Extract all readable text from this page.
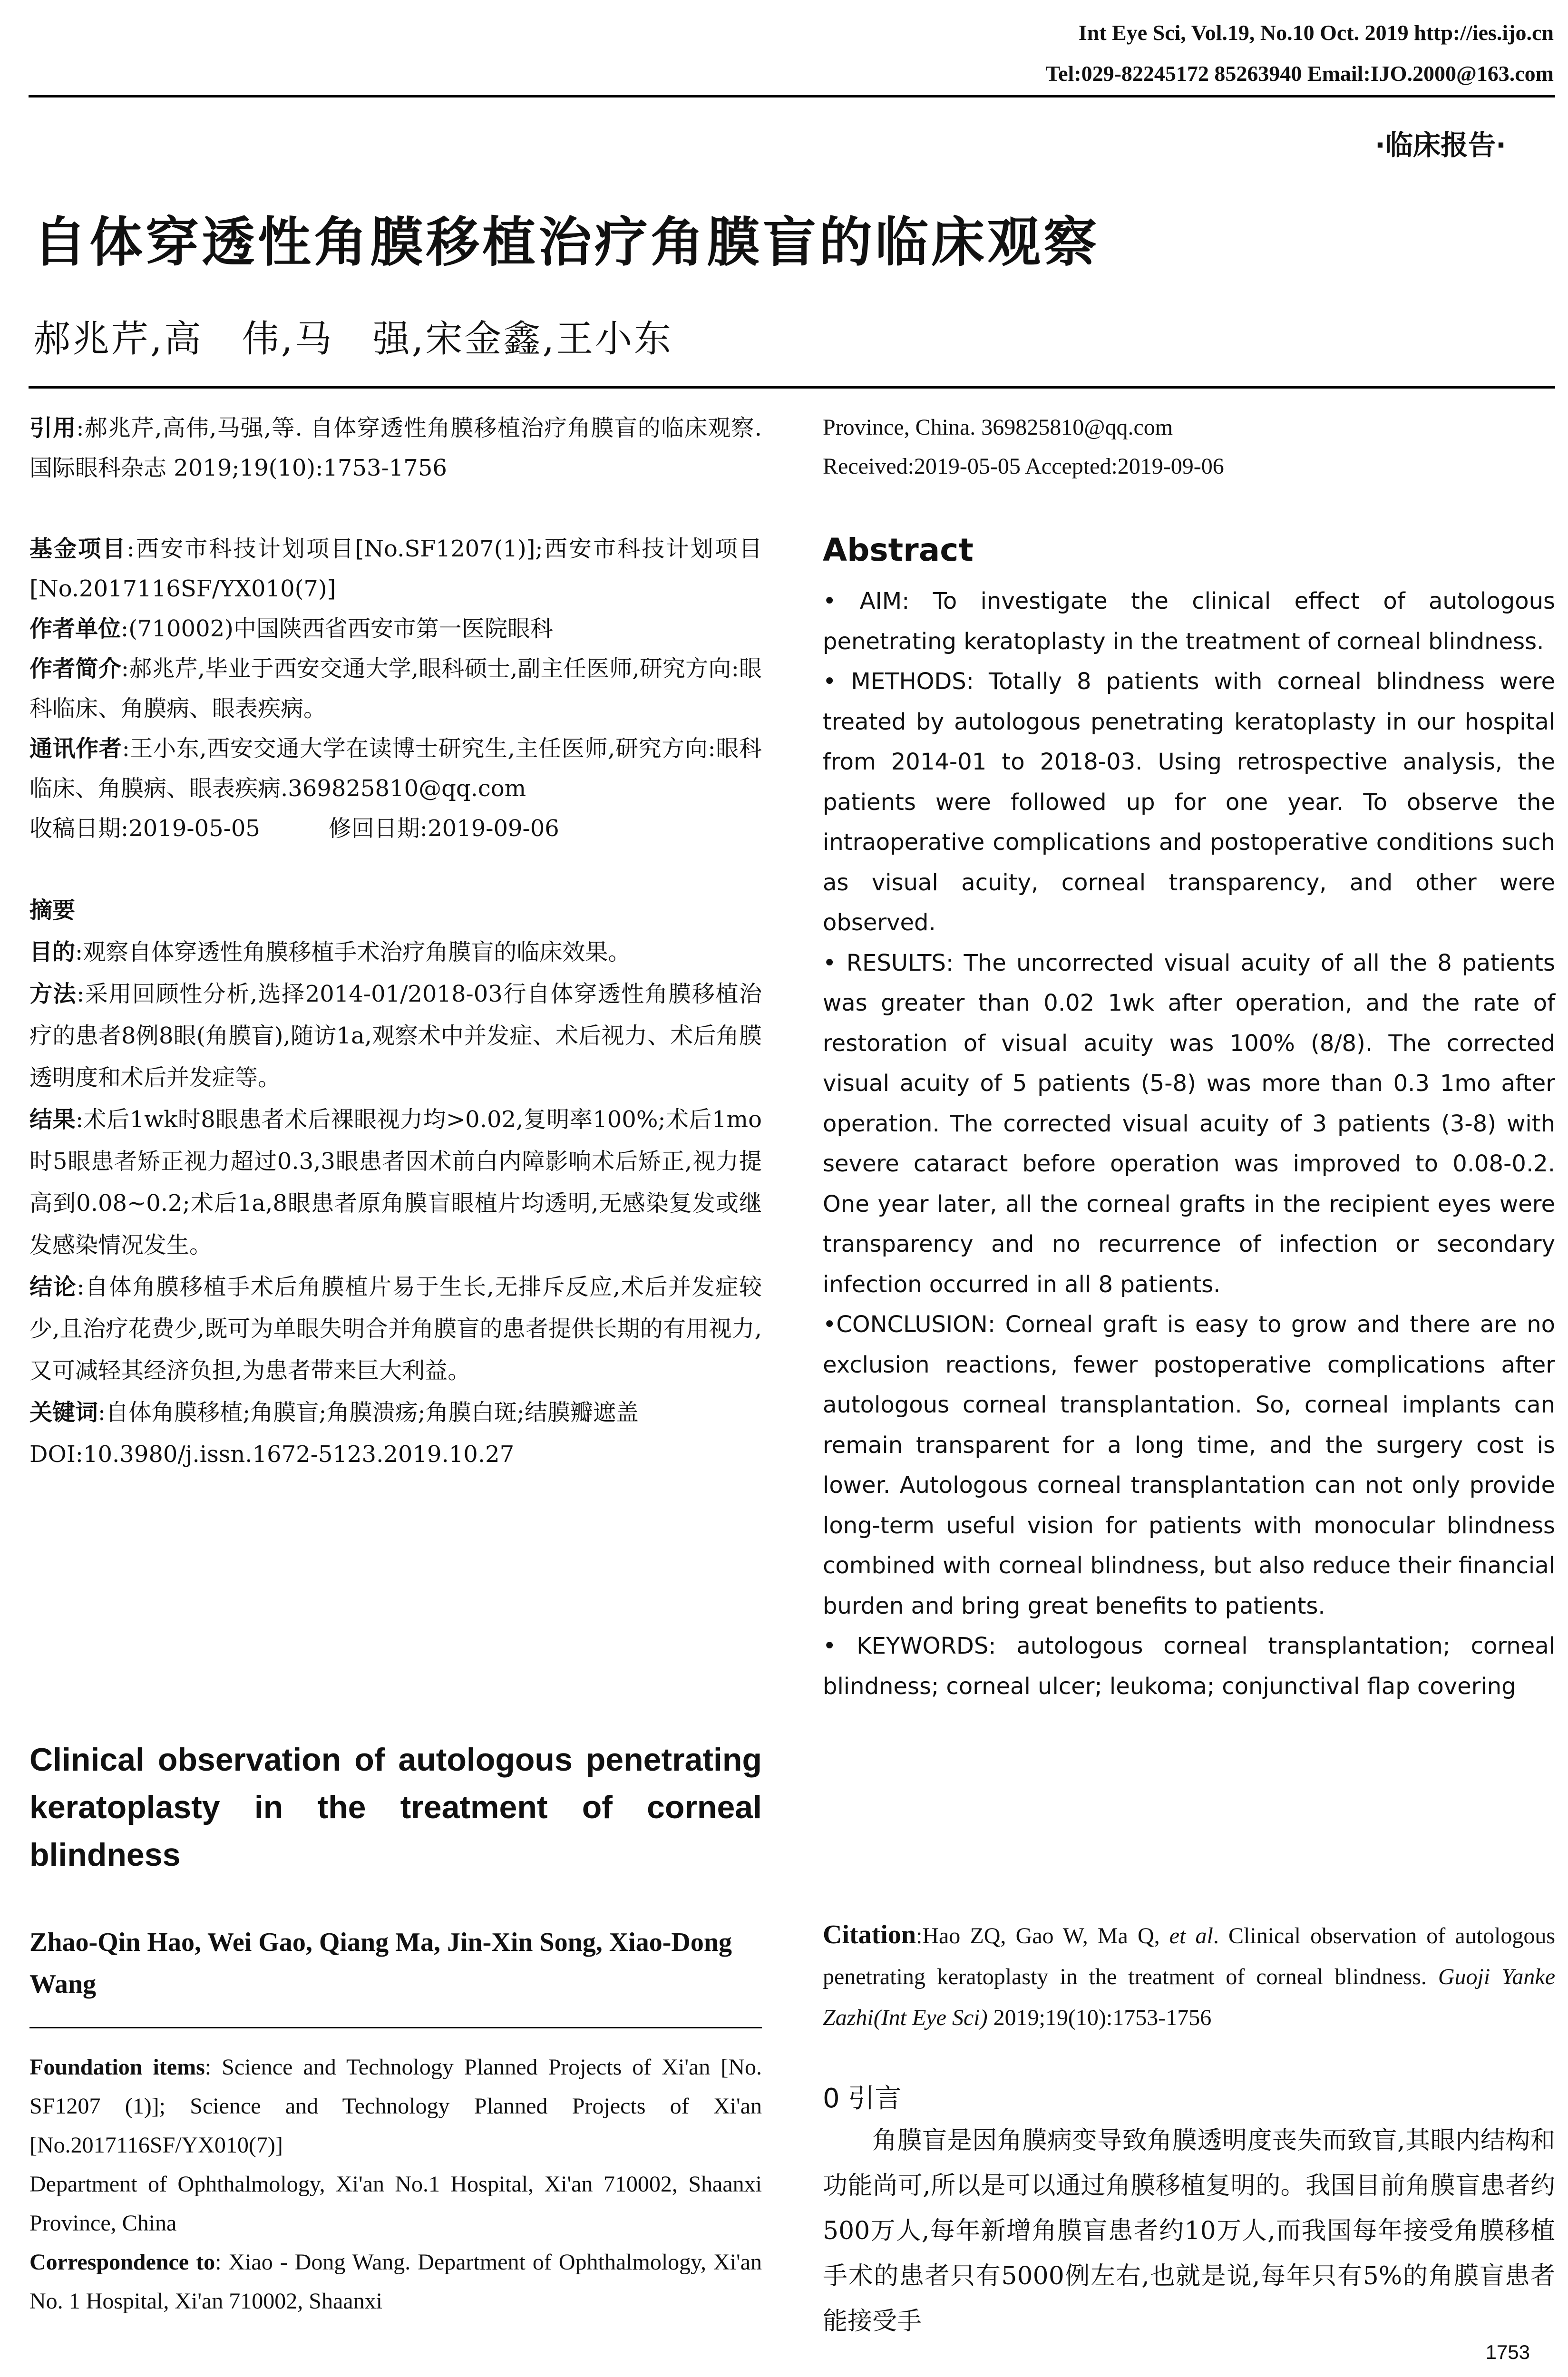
Int Eye Sci, Vol.19, No.10 Oct. 2019 http://ies.ijo.cn
Tel:029-82245172 85263940 Email:IJO.2000@163.com
·临床报告·
自体穿透性角膜移植治疗角膜盲的临床观察
郝兆芹,高　伟,马　强,宋金鑫,王小东

引用:郝兆芹,高伟,马强,等. 自体穿透性角膜移植治疗角膜盲的临床观察. 国际眼科杂志 2019;19(10):1753-1756

基金项目:西安市科技计划项目[No.SF1207(1)];西安市科技计划项目[No.2017116SF/YX010(7)]

作者单位:(710002)中国陕西省西安市第一医院眼科

作者简介:郝兆芹,毕业于西安交通大学,眼科硕士,副主任医师,研究方向:眼科临床、角膜病、眼表疾病。

通讯作者:王小东,西安交通大学在读博士研究生,主任医师,研究方向:眼科临床、角膜病、眼表疾病.369825810@qq.com

收稿日期:2019-05-05　　　修回日期:2019-09-06

摘要

目的:观察自体穿透性角膜移植手术治疗角膜盲的临床效果。

方法:采用回顾性分析,选择2014-01/2018-03行自体穿透性角膜移植治疗的患者8例8眼(角膜盲),随访1a,观察术中并发症、术后视力、术后角膜透明度和术后并发症等。

结果:术后1wk时8眼患者术后裸眼视力均>0.02,复明率100%;术后1mo时5眼患者矫正视力超过0.3,3眼患者因术前白内障影响术后矫正,视力提高到0.08~0.2;术后1a,8眼患者原角膜盲眼植片均透明,无感染复发或继发感染情况发生。

结论:自体角膜移植手术后角膜植片易于生长,无排斥反应,术后并发症较少,且治疗花费少,既可为单眼失明合并角膜盲的患者提供长期的有用视力,又可减轻其经济负担,为患者带来巨大利益。

关键词:自体角膜移植;角膜盲;角膜溃疡;角膜白斑;结膜瓣遮盖

DOI:10.3980/j.issn.1672-5123.2019.10.27

Clinical observation of autologous penetrating keratoplasty in the treatment of corneal blindness
Zhao-Qin Hao, Wei Gao, Qiang Ma, Jin-Xin Song, Xiao-Dong Wang

Foundation items: Science and Technology Planned Projects of Xi'an [No. SF1207 (1)]; Science and Technology Planned Projects of Xi'an [No.2017116SF/YX010(7)]

Department of Ophthalmology, Xi'an No.1 Hospital, Xi'an 710002, Shaanxi Province, China

Correspondence to: Xiao - Dong Wang. Department of Ophthalmology, Xi'an No. 1 Hospital, Xi'an 710002, Shaanxi

Province, China. 369825810@qq.com

Received:2019-05-05 Accepted:2019-09-06

Abstract

• AIM: To investigate the clinical effect of autologous penetrating keratoplasty in the treatment of corneal blindness.

• METHODS: Totally 8 patients with corneal blindness were treated by autologous penetrating keratoplasty in our hospital from 2014-01 to 2018-03. Using retrospective analysis, the patients were followed up for one year. To observe the intraoperative complications and postoperative conditions such as visual acuity, corneal transparency, and other were observed.

• RESULTS: The uncorrected visual acuity of all the 8 patients was greater than 0.02 1wk after operation, and the rate of restoration of visual acuity was 100% (8/8). The corrected visual acuity of 5 patients (5-8) was more than 0.3 1mo after operation. The corrected visual acuity of 3 patients (3-8) with severe cataract before operation was improved to 0.08-0.2. One year later, all the corneal grafts in the recipient eyes were transparency and no recurrence of infection or secondary infection occurred in all 8 patients.

•CONCLUSION: Corneal graft is easy to grow and there are no exclusion reactions, fewer postoperative complications after autologous corneal transplantation. So, corneal implants can remain transparent for a long time, and the surgery cost is lower. Autologous corneal transplantation can not only provide long-term useful vision for patients with monocular blindness combined with corneal blindness, but also reduce their financial burden and bring great benefits to patients.

• KEYWORDS: autologous corneal transplantation; corneal blindness; corneal ulcer; leukoma; conjunctival flap covering

Citation:Hao ZQ, Gao W, Ma Q, et al. Clinical observation of autologous penetrating keratoplasty in the treatment of corneal blindness. Guoji Yanke Zazhi(Int Eye Sci) 2019;19(10):1753-1756

0 引言

角膜盲是因角膜病变导致角膜透明度丧失而致盲,其眼内结构和功能尚可,所以是可以通过角膜移植复明的。我国目前角膜盲患者约500万人,每年新增角膜盲患者约10万人,而我国每年接受角膜移植手术的患者只有5000例左右,也就是说,每年只有5%的角膜盲患者能接受手

1753
